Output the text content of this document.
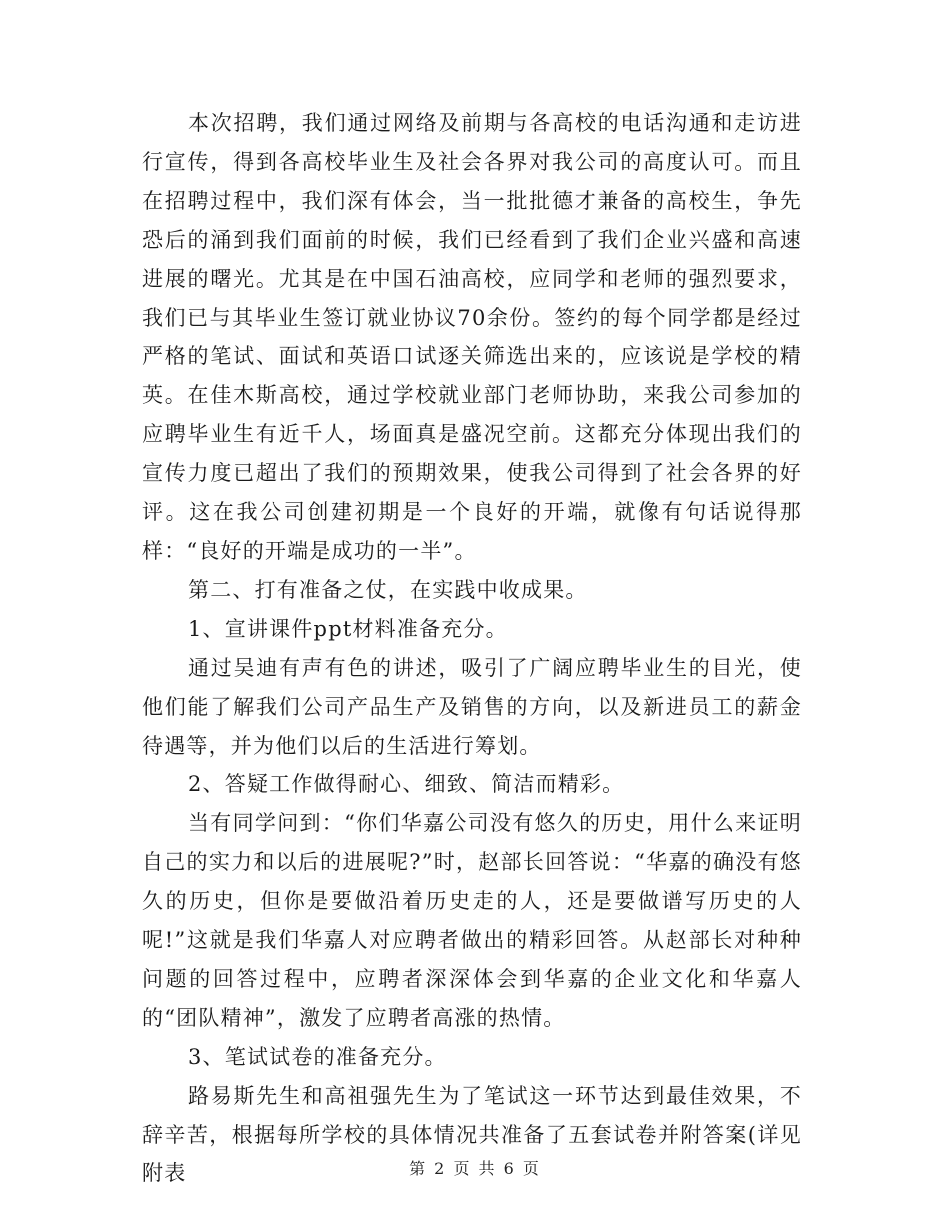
本次招聘，我们通过网络及前期与各高校的电话沟通和走访进行宣传，得到各高校毕业生及社会各界对我公司的高度认可。而且在招聘过程中，我们深有体会，当一批批德才兼备的高校生，争先恐后的涌到我们面前的时候，我们已经看到了我们企业兴盛和高速进展的曙光。尤其是在中国石油高校，应同学和老师的强烈要求，我们已与其毕业生签订就业协议70余份。签约的每个同学都是经过严格的笔试、面试和英语口试逐关筛选出来的，应该说是学校的精英。在佳木斯高校，通过学校就业部门老师协助，来我公司参加的应聘毕业生有近千人，场面真是盛况空前。这都充分体现出我们的宣传力度已超出了我们的预期效果，使我公司得到了社会各界的好评。这在我公司创建初期是一个良好的开端，就像有句话说得那样：“良好的开端是成功的一半”。

第二、打有准备之仗，在实践中收成果。

1、宣讲课件ppt材料准备充分。

通过吴迪有声有色的讲述，吸引了广阔应聘毕业生的目光，使他们能了解我们公司产品生产及销售的方向，以及新进员工的薪金待遇等，并为他们以后的生活进行筹划。

2、答疑工作做得耐心、细致、简洁而精彩。

当有同学问到：“你们华嘉公司没有悠久的历史，用什么来证明自己的实力和以后的进展呢?”时，赵部长回答说：“华嘉的确没有悠久的历史，但你是要做沿着历史走的人，还是要做谱写历史的人呢!”这就是我们华嘉人对应聘者做出的精彩回答。从赵部长对种种问题的回答过程中，应聘者深深体会到华嘉的企业文化和华嘉人的“团队精神”，激发了应聘者高涨的热情。

3、笔试试卷的准备充分。

路易斯先生和高祖强先生为了笔试这一环节达到最佳效果，不辞辛苦，根据每所学校的具体情况共准备了五套试卷并附答案(详见附表	第 2 页 共 6 页
